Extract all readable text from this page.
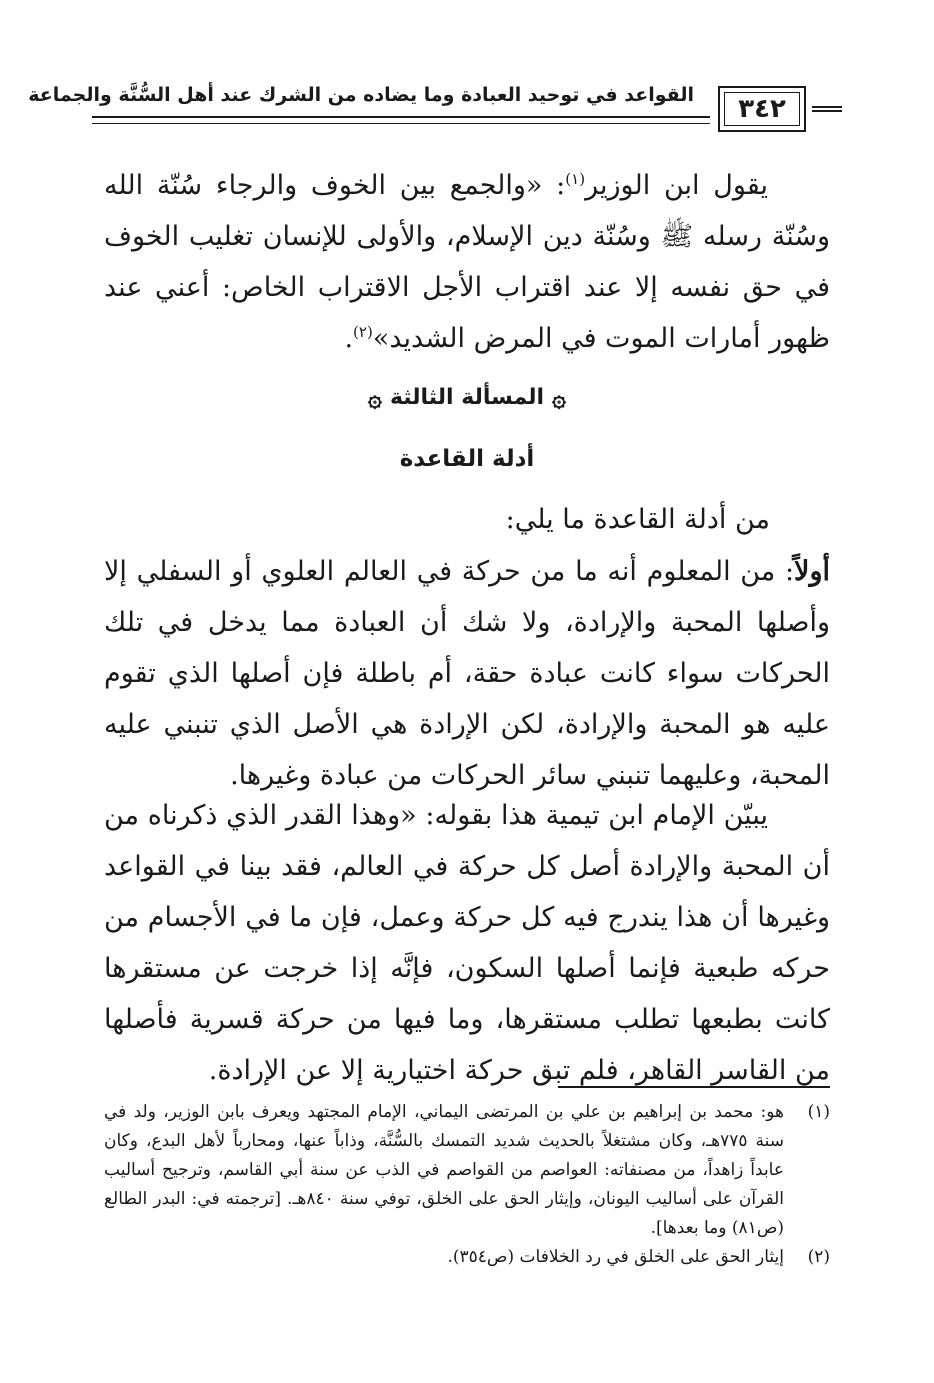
٣٤٢
القواعد في توحيد العبادة وما يضاده من الشرك عند أهل السُّنَّة والجماعة
يقول ابن الوزير$^{(١)}$: «والجمع بين الخوف والرجاء سُنّة الله وسُنّة رسله ﷺ وسُنّة دين الإسلام، والأولى للإنسان تغليب الخوف في حق نفسه إلا عند اقتراب الأجل الاقتراب الخاص: أعني عند ظهور أمارات الموت في المرض الشديد»$^{(٢)}$.
۞المسألة الثالثة۞
أدلة القاعدة
من أدلة القاعدة ما يلي:
أولاً: من المعلوم أنه ما من حركة في العالم العلوي أو السفلي إلا وأصلها المحبة والإرادة، ولا شك أن العبادة مما يدخل في تلك الحركات سواء كانت عبادة حقة، أم باطلة فإن أصلها الذي تقوم عليه هو المحبة والإرادة، لكن الإرادة هي الأصل الذي تنبني عليه المحبة، وعليهما تنبني سائر الحركات من عبادة وغيرها.
يبيّن الإمام ابن تيمية هذا بقوله: «وهذا القدر الذي ذكرناه من أن المحبة والإرادة أصل كل حركة في العالم، فقد بينا في القواعد وغيرها أن هذا يندرج فيه كل حركة وعمل، فإن ما في الأجسام من حركه طبعية فإنما أصلها السكون، فإنَّه إذا خرجت عن مستقرها كانت بطبعها تطلب مستقرها، وما فيها من حركة قسرية فأصلها من القاسر القاهر، فلم تبق حركة اختيارية إلا عن الإرادة.
(١)
هو: محمد بن إبراهيم بن علي بن المرتضى اليماني، الإمام المجتهد ويعرف بابن الوزير، ولد في سنة ٧٧٥هـ، وكان مشتغلاً بالحديث شديد التمسك بالسُّنَّة، وذاباً عنها، ومحارباً لأهل البدع، وكان عابداً زاهداً، من مصنفاته: العواصم من القواصم في الذب عن سنة أبي القاسم، وترجيح أساليب القرآن على أساليب اليونان، وإيثار الحق على الخلق، توفي سنة ٨٤٠هـ. [ترجمته في: البدر الطالع (ص٨١) وما بعدها].
(٢)
إيثار الحق على الخلق في رد الخلافات (ص٣٥٤).
